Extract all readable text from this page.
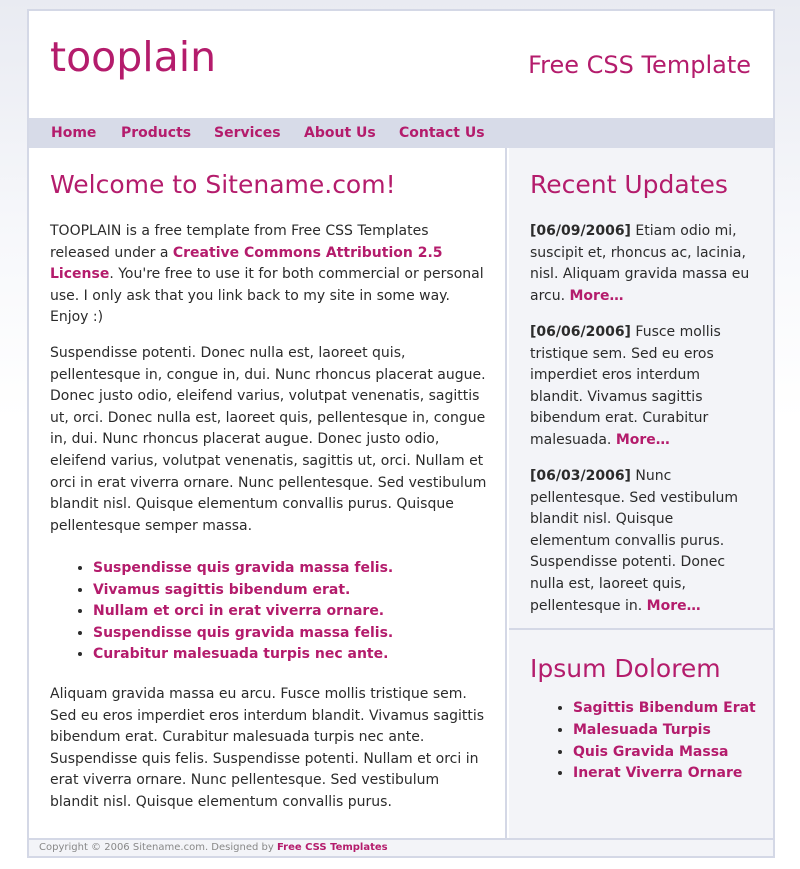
tooplain	Free CSS Template
Home Products Services About Us Contact Us
Welcome to Sitename.com!

TOOPLAIN is a free template from Free CSS Templates released under a Creative Commons Attribution 2.5 License. You're free to use it for both commercial or personal use. I only ask that you link back to my site in some way. Enjoy :)

Suspendisse potenti. Donec nulla est, laoreet quis, pellentesque in, congue in, dui. Nunc rhoncus placerat augue. Donec justo odio, eleifend varius, volutpat venenatis, sagittis ut, orci. Donec nulla est, laoreet quis, pellentesque in, congue in, dui. Nunc rhoncus placerat augue. Donec justo odio, eleifend varius, volutpat venenatis, sagittis ut, orci. Nullam et orci in erat viverra ornare. Nunc pellentesque. Sed vestibulum blandit nisl. Quisque elementum convallis purus. Quisque pellentesque semper massa.

• Suspendisse quis gravida massa felis.
• Vivamus sagittis bibendum erat.
• Nullam et orci in erat viverra ornare.
• Suspendisse quis gravida massa felis.
• Curabitur malesuada turpis nec ante.

Aliquam gravida massa eu arcu. Fusce mollis tristique sem. Sed eu eros imperdiet eros interdum blandit. Vivamus sagittis bibendum erat. Curabitur malesuada turpis nec ante. Suspendisse quis felis. Suspendisse potenti. Nullam et orci in erat viverra ornare. Nunc pellentesque. Sed vestibulum blandit nisl. Quisque elementum convallis purus.

Recent Updates

[06/09/2006] Etiam odio mi, suscipit et, rhoncus ac, lacinia, nisl. Aliquam gravida massa eu arcu. More…

[06/06/2006] Fusce mollis tristique sem. Sed eu eros imperdiet eros interdum blandit. Vivamus sagittis bibendum erat. Curabitur malesuada. More…

[06/03/2006] Nunc pellentesque. Sed vestibulum blandit nisl. Quisque elementum convallis purus. Suspendisse potenti. Donec nulla est, laoreet quis, pellentesque in. More…

Ipsum Dolorem
• Sagittis Bibendum Erat
• Malesuada Turpis
• Quis Gravida Massa
• Inerat Viverra Ornare

Copyright © 2006 Sitename.com. Designed by Free CSS Templates
